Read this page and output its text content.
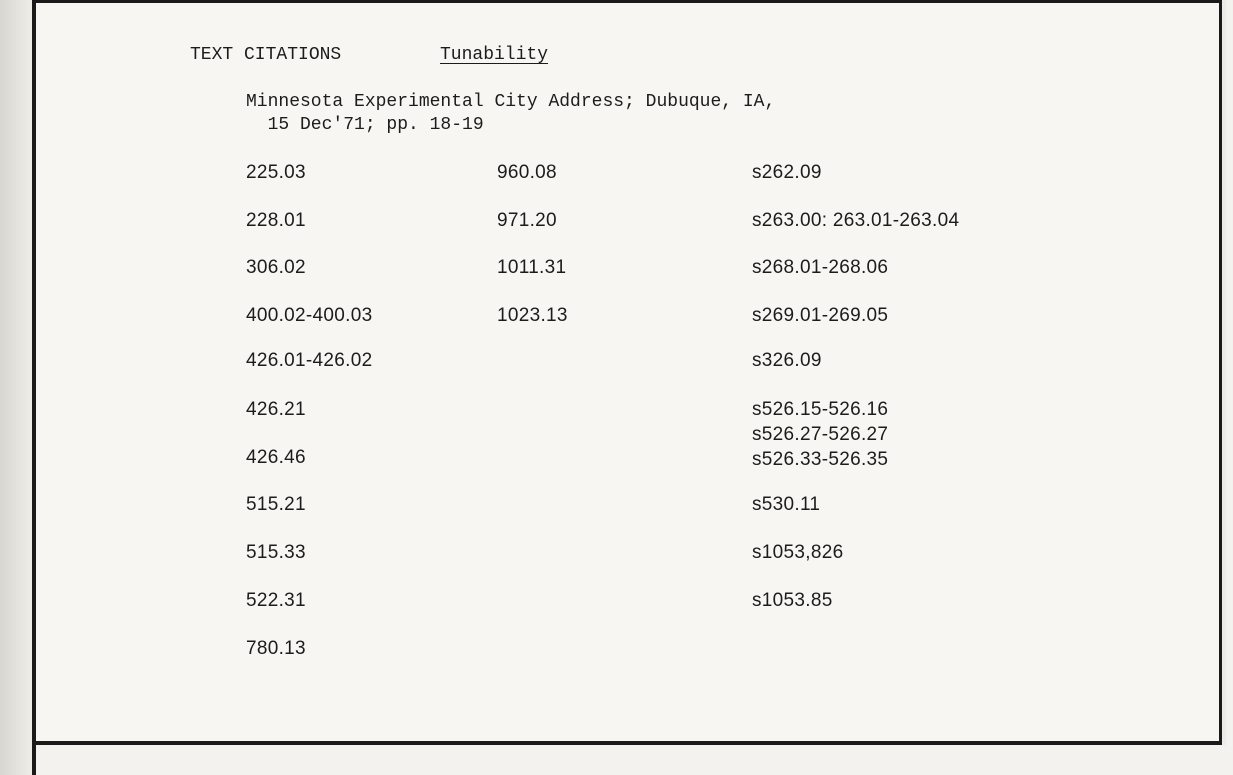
TEXT CITATIONS	Tunability
Minnesota Experimental City Address; Dubuque, IA,
15 Dec'71; pp. 18-19
225.03
228.01
306.02
400.02-400.03
426.01-426.02
426.21
426.46
515.21
515.33
522.31
780.13
960.08
971.20
1011.31
1023.13
s262.09
s263.00: 263.01-263.04
s268.01-268.06
s269.01-269.05
s326.09
s526.15-526.16
s526.27-526.27
s526.33-526.35
s530.11
s1053,826
s1053.85
